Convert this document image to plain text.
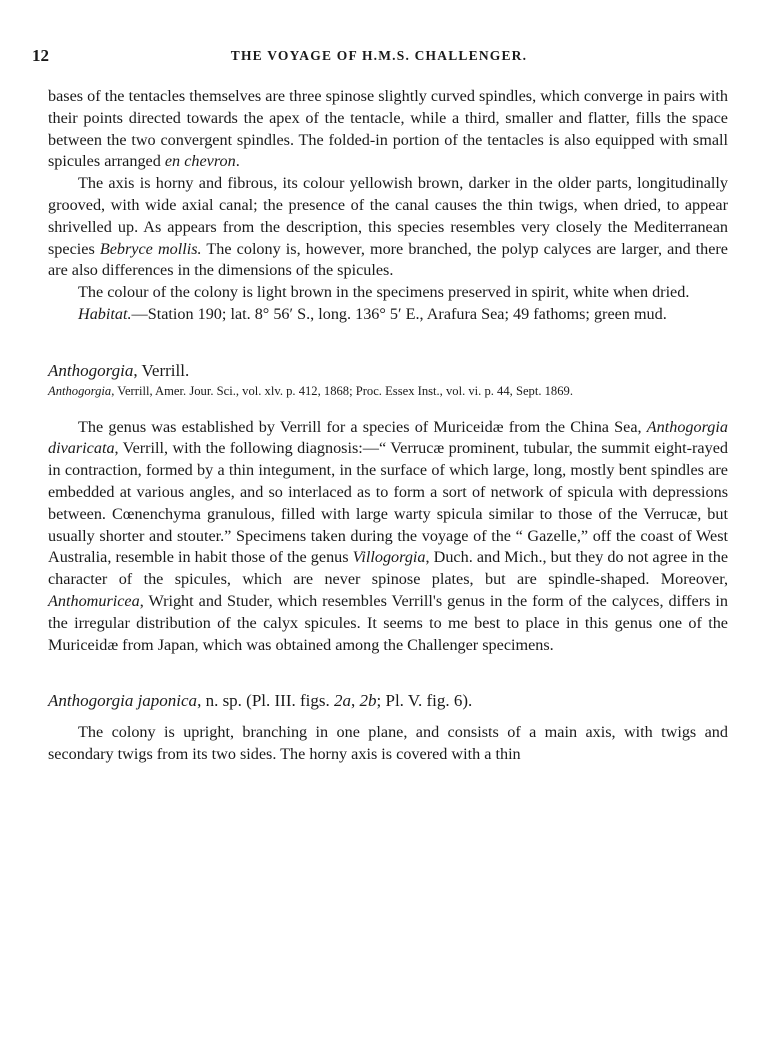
12	THE VOYAGE OF H.M.S. CHALLENGER.

bases of the tentacles themselves are three spinose slightly curved spindles, which converge in pairs with their points directed towards the apex of the tentacle, while a third, smaller and flatter, fills the space between the two convergent spindles. The folded-in portion of the tentacles is also equipped with small spicules arranged en chevron.

The axis is horny and fibrous, its colour yellowish brown, darker in the older parts, longitudinally grooved, with wide axial canal; the presence of the canal causes the thin twigs, when dried, to appear shrivelled up. As appears from the description, this species resembles very closely the Mediterranean species Bebryce mollis. The colony is, however, more branched, the polyp calyces are larger, and there are also differences in the dimensions of the spicules.

The colour of the colony is light brown in the specimens preserved in spirit, white when dried.

Habitat.—Station 190; lat. 8° 56′ S., long. 136° 5′ E., Arafura Sea; 49 fathoms; green mud.

Anthogorgia, Verrill.

Anthogorgia, Verrill, Amer. Jour. Sci., vol. xlv. p. 412, 1868; Proc. Essex Inst., vol. vi. p. 44, Sept. 1869.

The genus was established by Verrill for a species of Muriceidæ from the China Sea, Anthogorgia divaricata, Verrill, with the following diagnosis:—“ Verrucæ prominent, tubular, the summit eight-rayed in contraction, formed by a thin integument, in the surface of which large, long, mostly bent spindles are embedded at various angles, and so interlaced as to form a sort of network of spicula with depressions between. Cœnenchyma granulous, filled with large warty spicula similar to those of the Verrucæ, but usually shorter and stouter.” Specimens taken during the voyage of the “ Gazelle,” off the coast of West Australia, resemble in habit those of the genus Villogorgia, Duch. and Mich., but they do not agree in the character of the spicules, which are never spinose plates, but are spindle-shaped. Moreover, Anthomuricea, Wright and Studer, which resembles Verrill's genus in the form of the calyces, differs in the irregular distribution of the calyx spicules. It seems to me best to place in this genus one of the Muriceidæ from Japan, which was obtained among the Challenger specimens.

Anthogorgia japonica, n. sp. (Pl. III. figs. 2a, 2b; Pl. V. fig. 6).

The colony is upright, branching in one plane, and consists of a main axis, with twigs and secondary twigs from its two sides. The horny axis is covered with a thin
